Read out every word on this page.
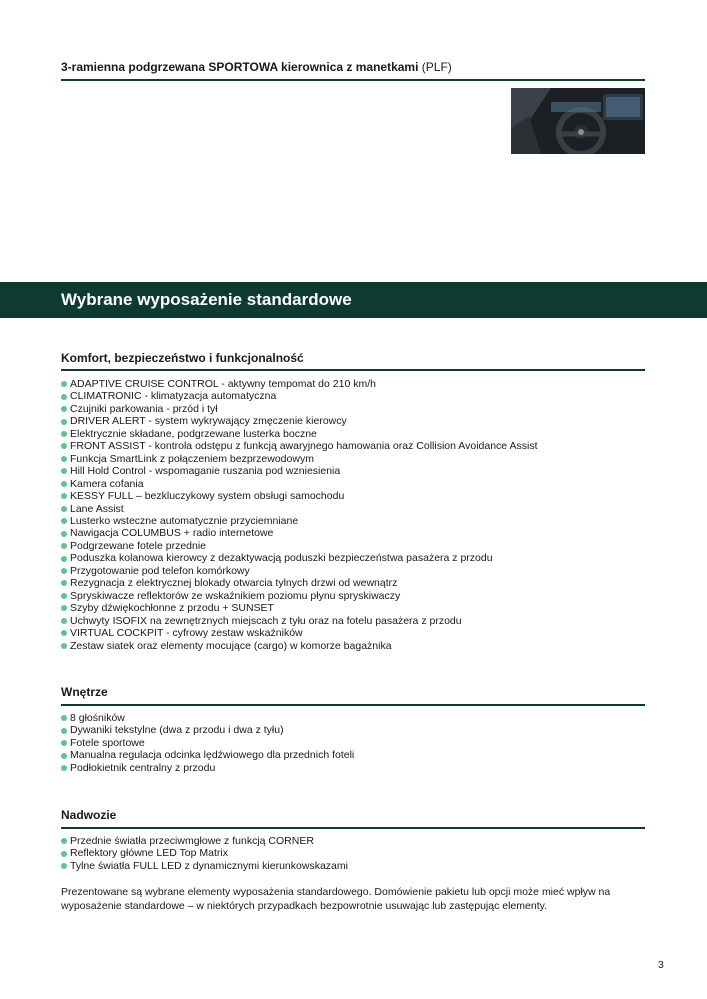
3-ramienna podgrzewana SPORTOWA kierownica z manetkami (PLF)
Wybrane wyposażenie standardowe
Komfort, bezpieczeństwo i funkcjonalność
ADAPTIVE CRUISE CONTROL - aktywny tempomat do 210 km/h
CLIMATRONIC - klimatyzacja automatyczna
Czujniki parkowania - przód i tył
DRIVER ALERT - system wykrywający zmęczenie kierowcy
Elektrycznie składane, podgrzewane lusterka boczne
FRONT ASSIST - kontrola odstępu z funkcją awaryjnego hamowania oraz Collision Avoidance Assist
Funkcja SmartLink z połączeniem bezprzewodowym
Hill Hold Control - wspomaganie ruszania pod wzniesienia
Kamera cofania
KESSY FULL – bezkluczykowy system obsługi samochodu
Lane Assist
Lusterko wsteczne automatycznie przyciemniane
Nawigacja COLUMBUS + radio internetowe
Podgrzewane fotele przednie
Poduszka kolanowa kierowcy z dezaktywacją poduszki bezpieczeństwa pasażera z przodu
Przygotowanie pod telefon komórkowy
Rezygnacja z elektrycznej blokady otwarcia tylnych drzwi od wewnątrz
Spryskiwacze reflektorów ze wskaźnikiem poziomu płynu spryskiwaczy
Szyby dźwiękochłonne z przodu + SUNSET
Uchwyty ISOFIX na zewnętrznych miejscach z tyłu oraz na fotelu pasażera z przodu
VIRTUAL COCKPIT - cyfrowy zestaw wskaźników
Zestaw siatek oraz elementy mocujące (cargo) w komorze bagażnika
Wnętrze
8 głośników
Dywaniki tekstylne (dwa z przodu i dwa z tyłu)
Fotele sportowe
Manualna regulacja odcinka lędźwiowego dla przednich foteli
Podłokietnik centralny z przodu
Nadwozie
Przednie światła przeciwmgłowe z funkcją CORNER
Reflektory główne LED Top Matrix
Tylne światła FULL LED z dynamicznymi kierunkowskazami
Prezentowane są wybrane elementy wyposażenia standardowego. Domówienie pakietu lub opcji może mieć wpływ na wyposażenie standardowe – w niektórych przypadkach bezpowrotnie usuwając lub zastępując elementy.
3
